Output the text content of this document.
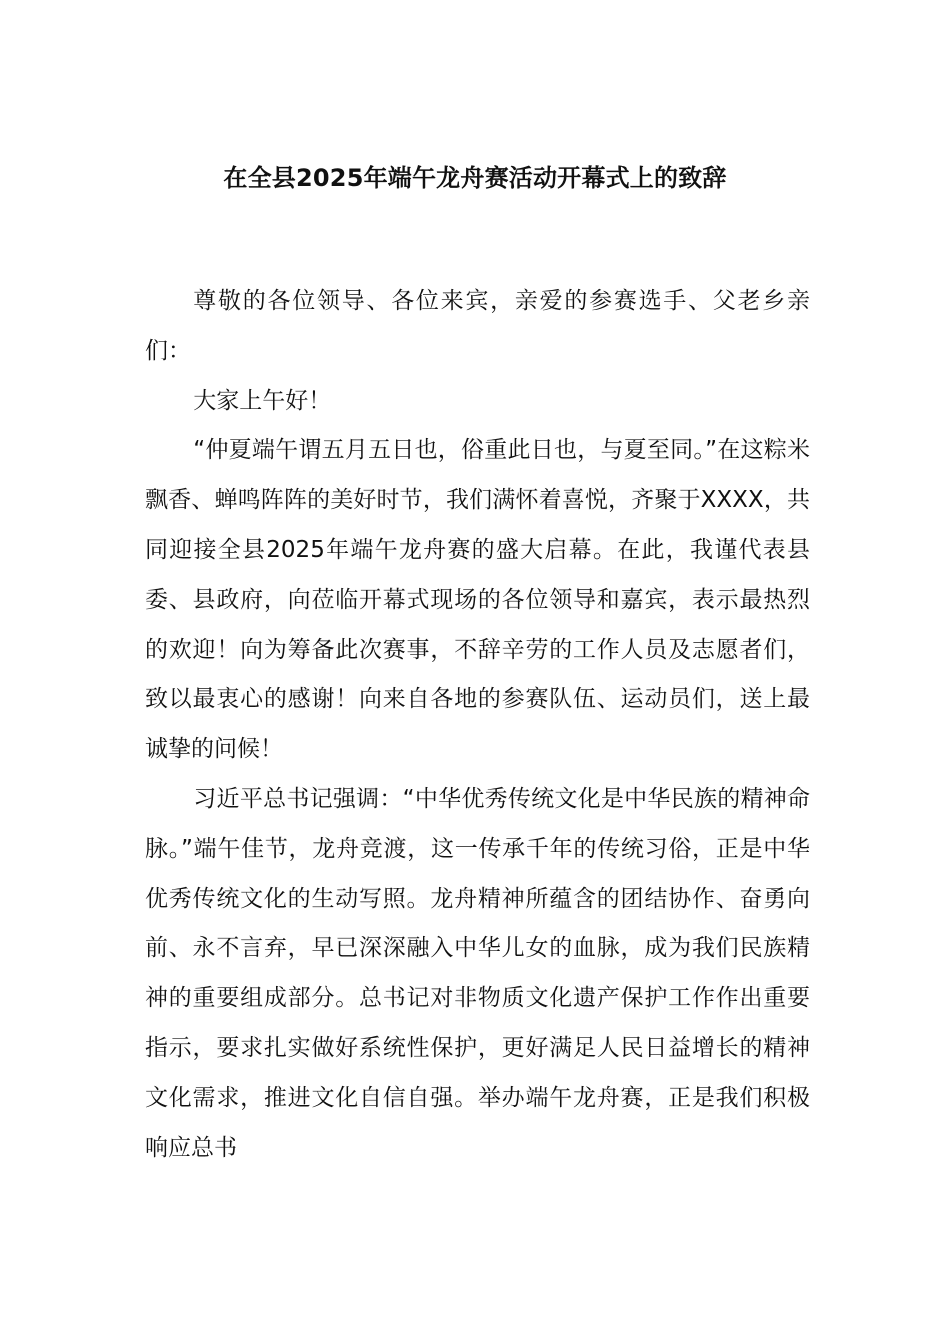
在全县2025年端午龙舟赛活动开幕式上的致辞

尊敬的各位领导、各位来宾，亲爱的参赛选手、父老乡亲们：

大家上午好！

“仲夏端午谓五月五日也，俗重此日也，与夏至同。”在这粽米飘香、蝉鸣阵阵的美好时节，我们满怀着喜悦，齐聚于XXXX，共同迎接全县2025年端午龙舟赛的盛大启幕。在此，我谨代表县委、县政府，向莅临开幕式现场的各位领导和嘉宾，表示最热烈的欢迎！向为筹备此次赛事，不辞辛劳的工作人员及志愿者们，致以最衷心的感谢！向来自各地的参赛队伍、运动员们，送上最诚挚的问候！

习近平总书记强调：“中华优秀传统文化是中华民族的精神命脉。”端午佳节，龙舟竞渡，这一传承千年的传统习俗，正是中华优秀传统文化的生动写照。龙舟精神所蕴含的团结协作、奋勇向前、永不言弃，早已深深融入中华儿女的血脉，成为我们民族精神的重要组成部分。总书记对非物质文化遗产保护工作作出重要指示，要求扎实做好系统性保护，更好满足人民日益增长的精神文化需求，推进文化自信自强。举办端午龙舟赛，正是我们积极响应总书
